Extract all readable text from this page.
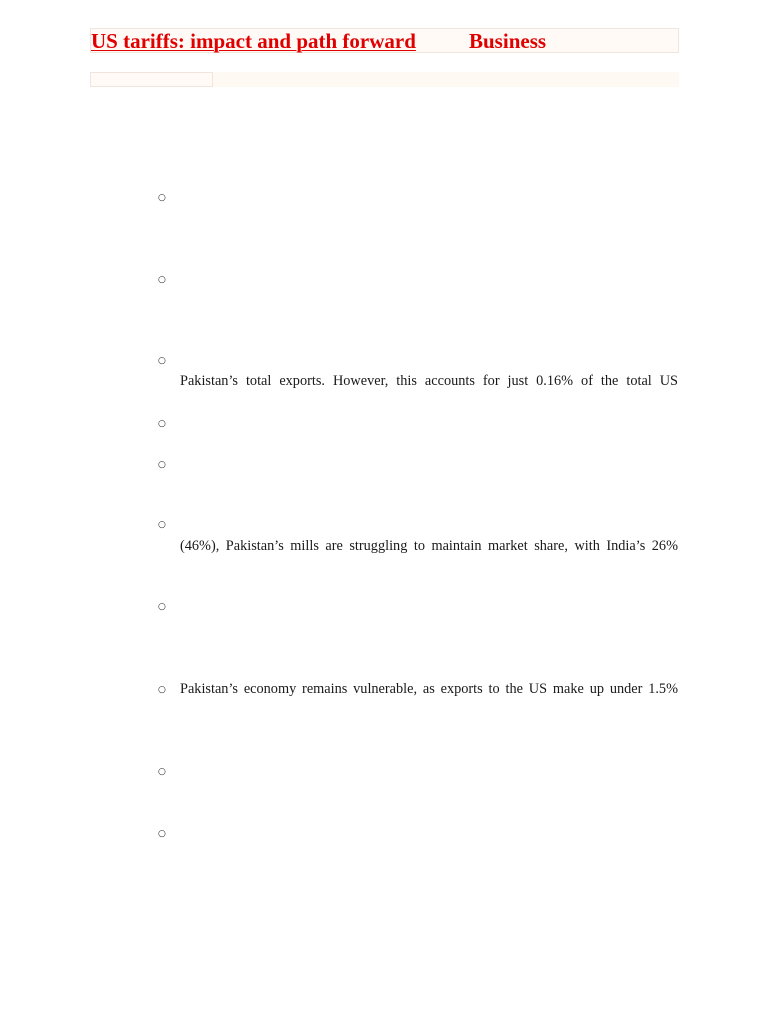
US tariffs: impact and path forward	Business
○
○
○
Pakistan’s total exports. However, this accounts for just 0.16% of the total US
○
○
○
(46%), Pakistan’s mills are struggling to maintain market share, with India’s 26%
○
○ Pakistan’s economy remains vulnerable, as exports to the US make up under 1.5%
○
○
